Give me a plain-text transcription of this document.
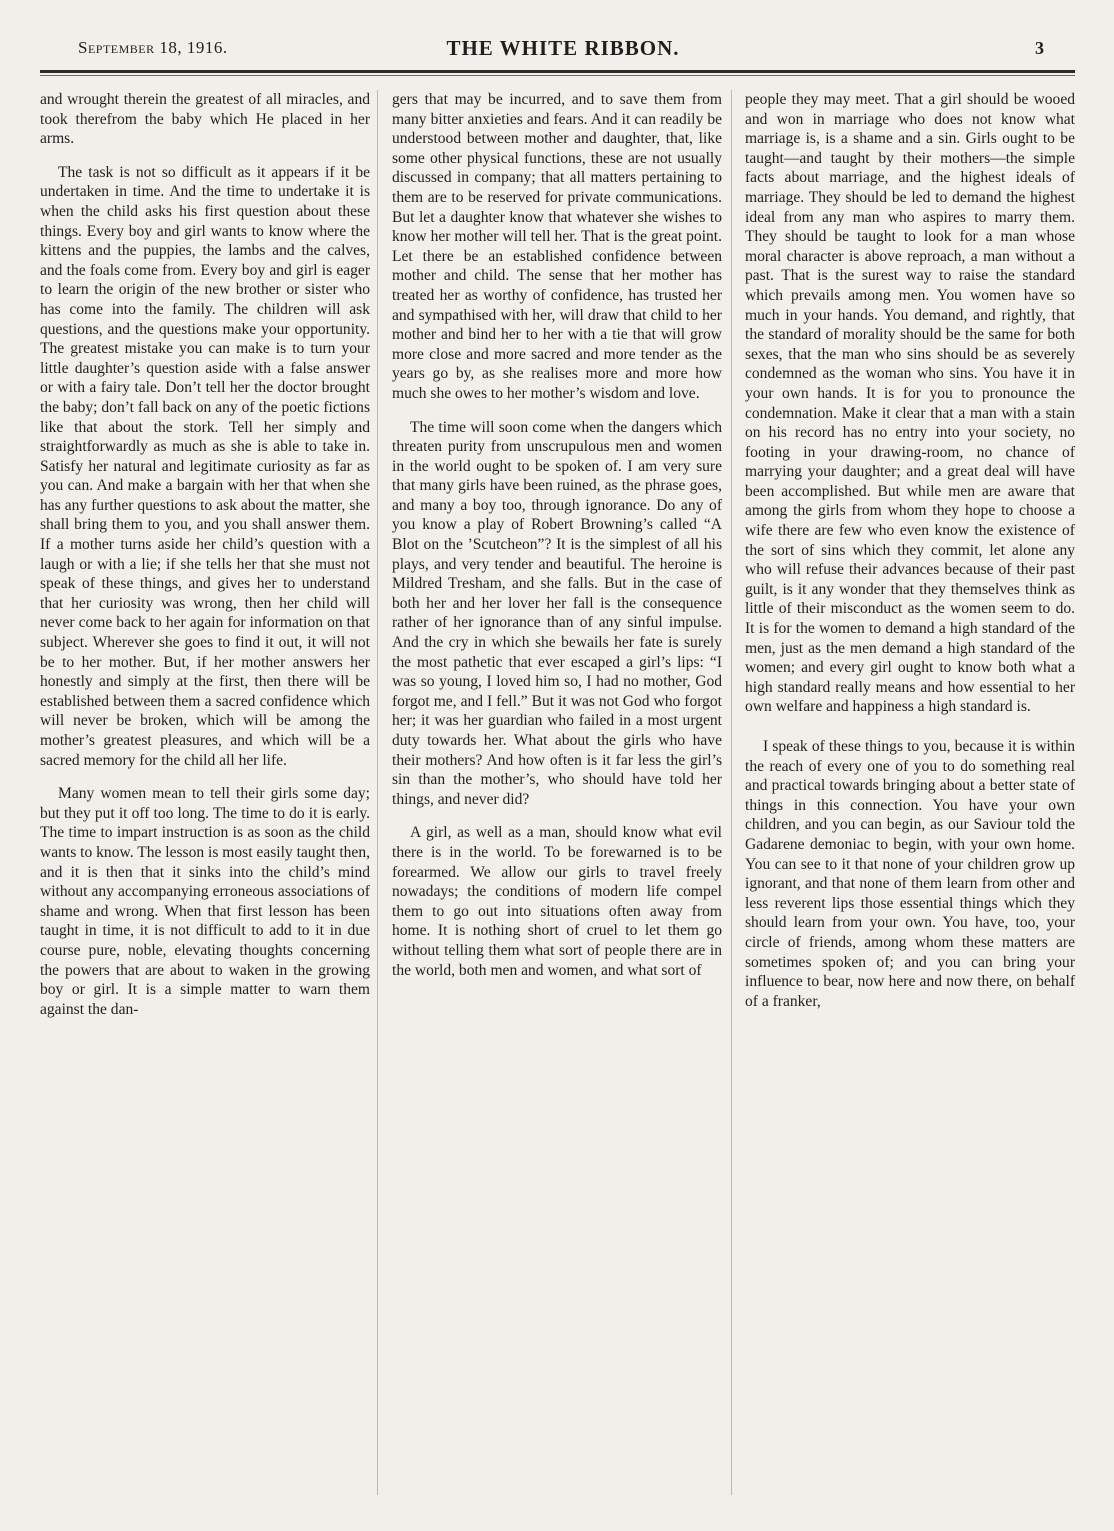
September 18, 1916.	THE WHITE RIBBON.	3

and wrought therein the greatest of all miracles, and took therefrom the baby which He placed in her arms.

The task is not so difficult as it appears if it be undertaken in time. And the time to undertake it is when the child asks his first question about these things. Every boy and girl wants to know where the kittens and the puppies, the lambs and the calves, and the foals come from. Every boy and girl is eager to learn the origin of the new brother or sister who has come into the family. The children will ask questions, and the questions make your opportunity. The greatest mistake you can make is to turn your little daughter’s question aside with a false answer or with a fairy tale. Don’t tell her the doctor brought the baby; don’t fall back on any of the poetic fictions like that about the stork. Tell her simply and straightforwardly as much as she is able to take in. Satisfy her natural and legitimate curiosity as far as you can. And make a bargain with her that when she has any further questions to ask about the matter, she shall bring them to you, and you shall answer them. If a mother turns aside her child’s question with a laugh or with a lie; if she tells her that she must not speak of these things, and gives her to understand that her curiosity was wrong, then her child will never come back to her again for information on that subject. Wherever she goes to find it out, it will not be to her mother. But, if her mother answers her honestly and simply at the first, then there will be established between them a sacred confidence which will never be broken, which will be among the mother’s greatest pleasures, and which will be a sacred memory for the child all her life.

Many women mean to tell their girls some day; but they put it off too long. The time to do it is early. The time to impart instruction is as soon as the child wants to know. The lesson is most easily taught then, and it is then that it sinks into the child’s mind without any accompanying erroneous associations of shame and wrong. When that first lesson has been taught in time, it is not difficult to add to it in due course pure, noble, elevating thoughts concerning the powers that are about to waken in the growing boy or girl. It is a simple matter to warn them against the dan-

gers that may be incurred, and to save them from many bitter anxieties and fears. And it can readily be understood between mother and daughter, that, like some other physical functions, these are not usually discussed in company; that all matters pertaining to them are to be reserved for private communications. But let a daughter know that whatever she wishes to know her mother will tell her. That is the great point. Let there be an established confidence between mother and child. The sense that her mother has treated her as worthy of confidence, has trusted her and sympathised with her, will draw that child to her mother and bind her to her with a tie that will grow more close and more sacred and more tender as the years go by, as she realises more and more how much she owes to her mother’s wisdom and love.

The time will soon come when the dangers which threaten purity from unscrupulous men and women in the world ought to be spoken of. I am very sure that many girls have been ruined, as the phrase goes, and many a boy too, through ignorance. Do any of you know a play of Robert Browning’s called “A Blot on the ’Scutcheon”? It is the simplest of all his plays, and very tender and beautiful. The heroine is Mildred Tresham, and she falls. But in the case of both her and her lover her fall is the consequence rather of her ignorance than of any sinful impulse. And the cry in which she bewails her fate is surely the most pathetic that ever escaped a girl’s lips: “I was so young, I loved him so, I had no mother, God forgot me, and I fell.” But it was not God who forgot her; it was her guardian who failed in a most urgent duty towards her. What about the girls who have their mothers? And how often is it far less the girl’s sin than the mother’s, who should have told her things, and never did?

A girl, as well as a man, should know what evil there is in the world. To be forewarned is to be forearmed. We allow our girls to travel freely nowadays; the conditions of modern life compel them to go out into situations often away from home. It is nothing short of cruel to let them go without telling them what sort of people there are in the world, both men and women, and what sort of

people they may meet. That a girl should be wooed and won in marriage who does not know what marriage is, is a shame and a sin. Girls ought to be taught—and taught by their mothers—the simple facts about marriage, and the highest ideals of marriage. They should be led to demand the highest ideal from any man who aspires to marry them. They should be taught to look for a man whose moral character is above reproach, a man without a past. That is the surest way to raise the standard which prevails among men. You women have so much in your hands. You demand, and rightly, that the standard of morality should be the same for both sexes, that the man who sins should be as severely condemned as the woman who sins. You have it in your own hands. It is for you to pronounce the condemnation. Make it clear that a man with a stain on his record has no entry into your society, no footing in your drawing-room, no chance of marrying your daughter; and a great deal will have been accomplished. But while men are aware that among the girls from whom they hope to choose a wife there are few who even know the existence of the sort of sins which they commit, let alone any who will refuse their advances because of their past guilt, is it any wonder that they themselves think as little of their misconduct as the women seem to do. It is for the women to demand a high standard of the men, just as the men demand a high standard of the women; and every girl ought to know both what a high standard really means and how essential to her own welfare and happiness a high standard is.

I speak of these things to you, because it is within the reach of every one of you to do something real and practical towards bringing about a better state of things in this connection. You have your own children, and you can begin, as our Saviour told the Gadarene demoniac to begin, with your own home. You can see to it that none of your children grow up ignorant, and that none of them learn from other and less reverent lips those essential things which they should learn from your own. You have, too, your circle of friends, among whom these matters are sometimes spoken of; and you can bring your influence to bear, now here and now there, on behalf of a franker,
